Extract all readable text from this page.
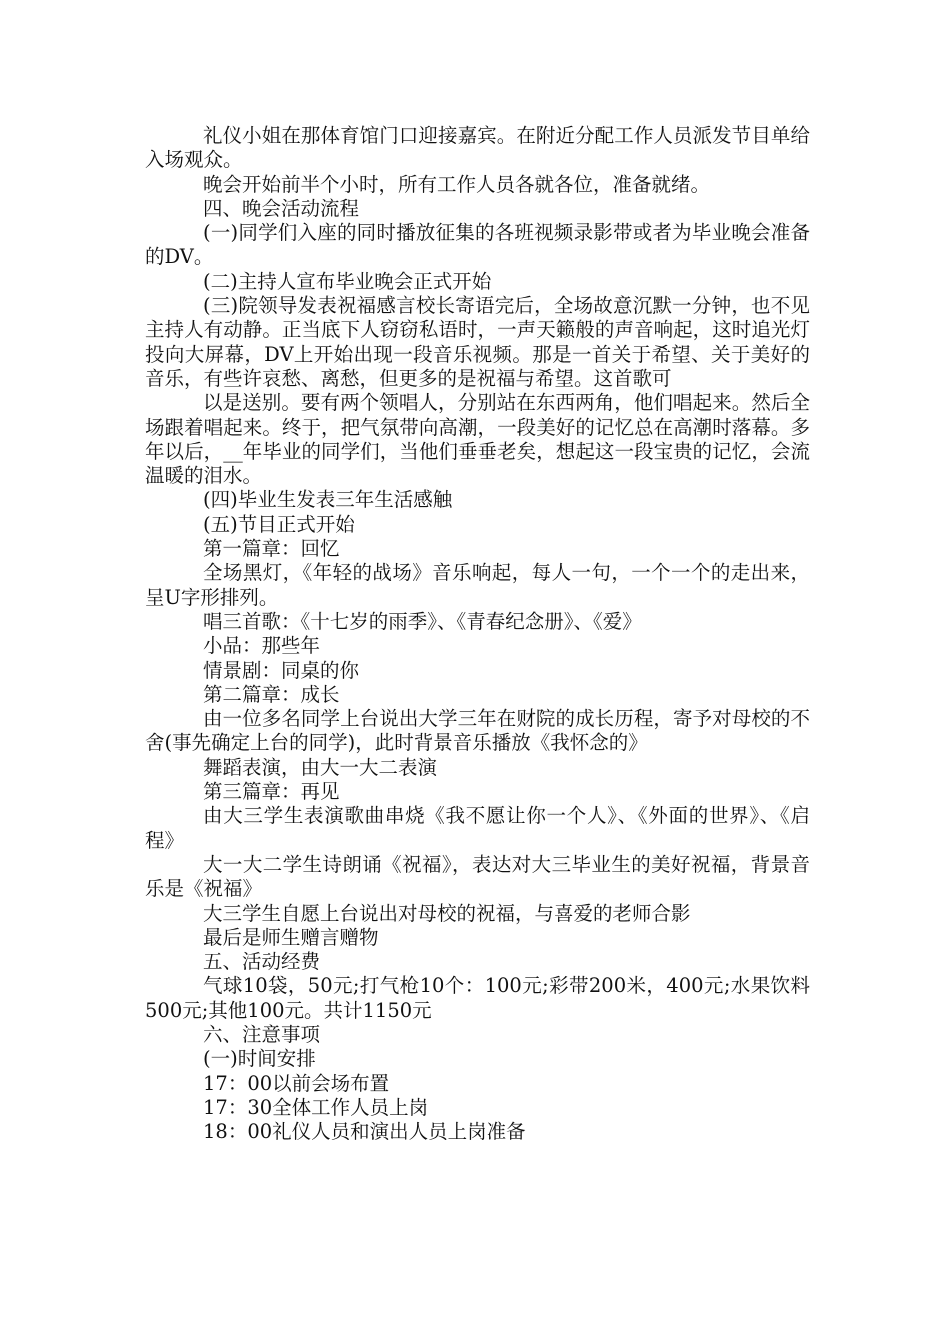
礼仪小姐在那体育馆门口迎接嘉宾。在附近分配工作人员派发节目单给入场观众。

晚会开始前半个小时，所有工作人员各就各位，准备就绪。

四、晚会活动流程

(一)同学们入座的同时播放征集的各班视频录影带或者为毕业晚会准备的DV。

(二)主持人宣布毕业晚会正式开始

(三)院领导发表祝福感言校长寄语完后，全场故意沉默一分钟，也不见主持人有动静。正当底下人窃窃私语时，一声天籁般的声音响起，这时追光灯投向大屏幕，DV上开始出现一段音乐视频。那是一首关于希望、关于美好的音乐，有些许哀愁、离愁，但更多的是祝福与希望。这首歌可

以是送别。要有两个领唱人，分别站在东西两角，他们唱起来。然后全场跟着唱起来。终于，把气氛带向高潮，一段美好的记忆总在高潮时落幕。多年以后，__年毕业的同学们，当他们垂垂老矣，想起这一段宝贵的记忆，会流温暖的泪水。

(四)毕业生发表三年生活感触

(五)节目正式开始

第一篇章：回忆

全场黑灯，《年轻的战场》音乐响起，每人一句，一个一个的走出来，呈U字形排列。

唱三首歌：《十七岁的雨季》、《青春纪念册》、《爱》

小品：那些年

情景剧：同桌的你

第二篇章：成长

由一位多名同学上台说出大学三年在财院的成长历程，寄予对母校的不舍(事先确定上台的同学)，此时背景音乐播放《我怀念的》

舞蹈表演，由大一大二表演

第三篇章：再见

由大三学生表演歌曲串烧《我不愿让你一个人》、《外面的世界》、《启程》

大一大二学生诗朗诵《祝福》，表达对大三毕业生的美好祝福，背景音乐是《祝福》

大三学生自愿上台说出对母校的祝福，与喜爱的老师合影

最后是师生赠言赠物

五、活动经费

气球10袋，50元;打气枪10个：100元;彩带200米，400元;水果饮料500元;其他100元。共计1150元

六、注意事项

(一)时间安排

17：00以前会场布置

17：30全体工作人员上岗

18：00礼仪人员和演出人员上岗准备
